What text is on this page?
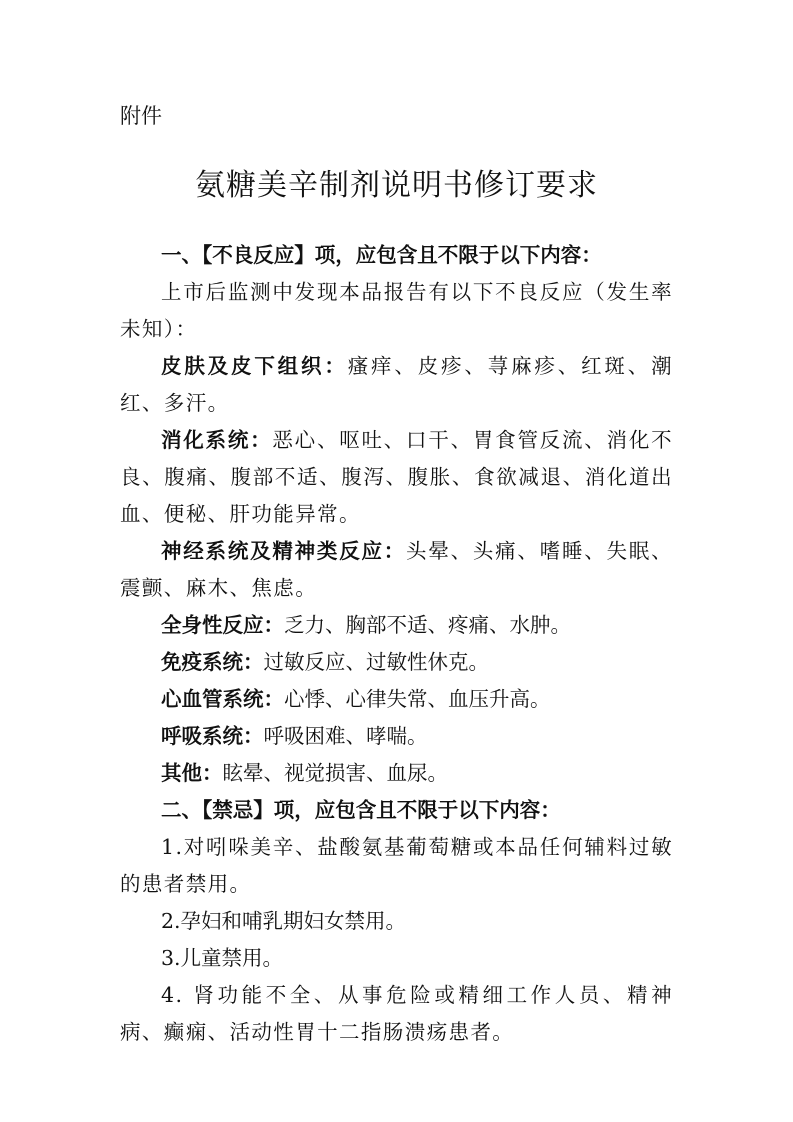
附件
氨糖美辛制剂说明书修订要求

一、【不良反应】项，应包含且不限于以下内容：

上市后监测中发现本品报告有以下不良反应（发生率未知）：

皮肤及皮下组织：瘙痒、皮疹、荨麻疹、红斑、潮红、多汗。

消化系统：恶心、呕吐、口干、胃食管反流、消化不良、腹痛、腹部不适、腹泻、腹胀、食欲减退、消化道出血、便秘、肝功能异常。

神经系统及精神类反应：头晕、头痛、嗜睡、失眠、震颤、麻木、焦虑。

全身性反应：乏力、胸部不适、疼痛、水肿。

免疫系统：过敏反应、过敏性休克。

心血管系统：心悸、心律失常、血压升高。

呼吸系统：呼吸困难、哮喘。

其他：眩晕、视觉损害、血尿。

二、【禁忌】项，应包含且不限于以下内容：

1.对吲哚美辛、盐酸氨基葡萄糖或本品任何辅料过敏的患者禁用。

2.孕妇和哺乳期妇女禁用。

3.儿童禁用。

4. 肾功能不全、从事危险或精细工作人员、精神病、癫痫、活动性胃十二指肠溃疡患者。
